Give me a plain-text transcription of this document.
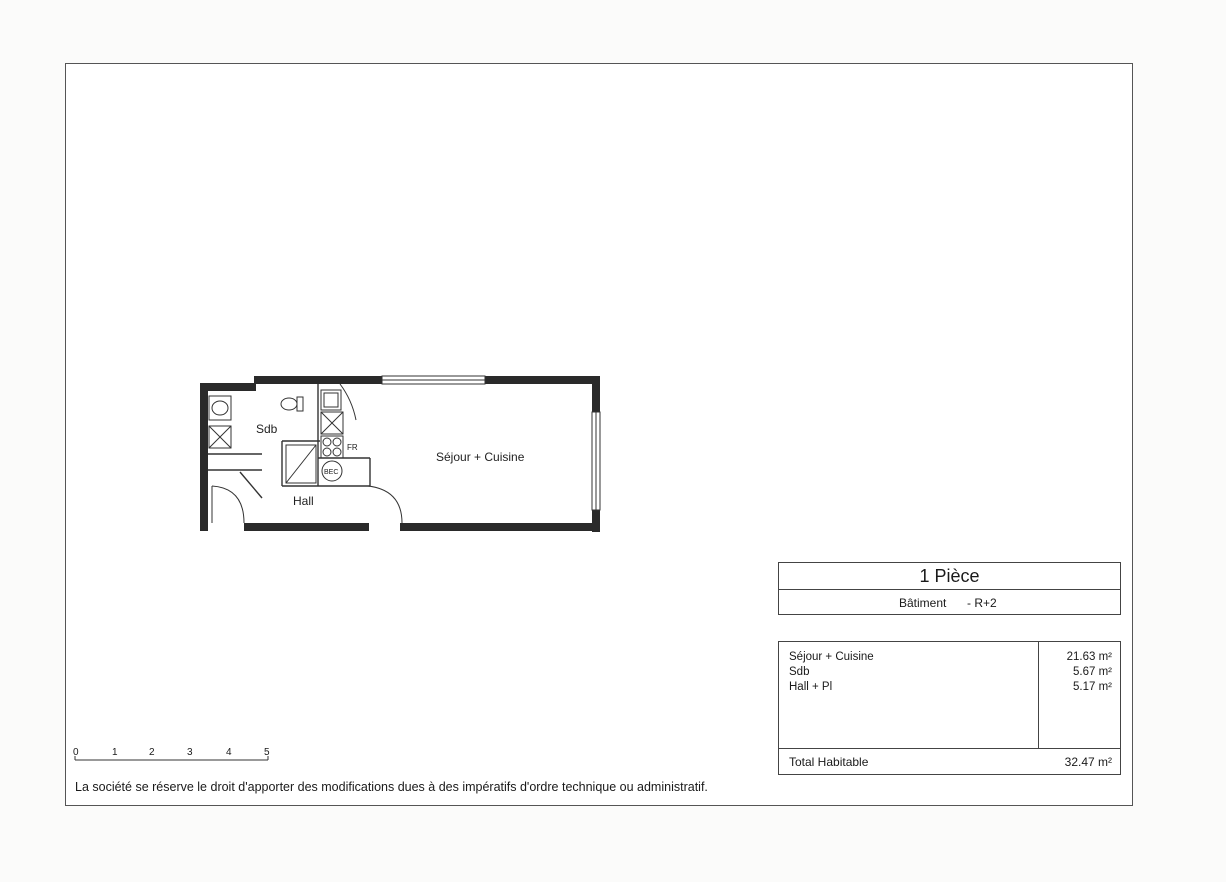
Sdb
Hall
Séjour + Cuisine
FR
BEC
0	1	2	3	4	5
1 Pièce
Bâtiment - R+2
Séjour + Cuisine	21.63 m²
Sdb	5.67 m²
Hall + Pl	5.17 m²
Total Habitable	32.47 m²
La société se réserve le droit d'apporter des modifications dues à des impératifs d'ordre technique ou administratif.
